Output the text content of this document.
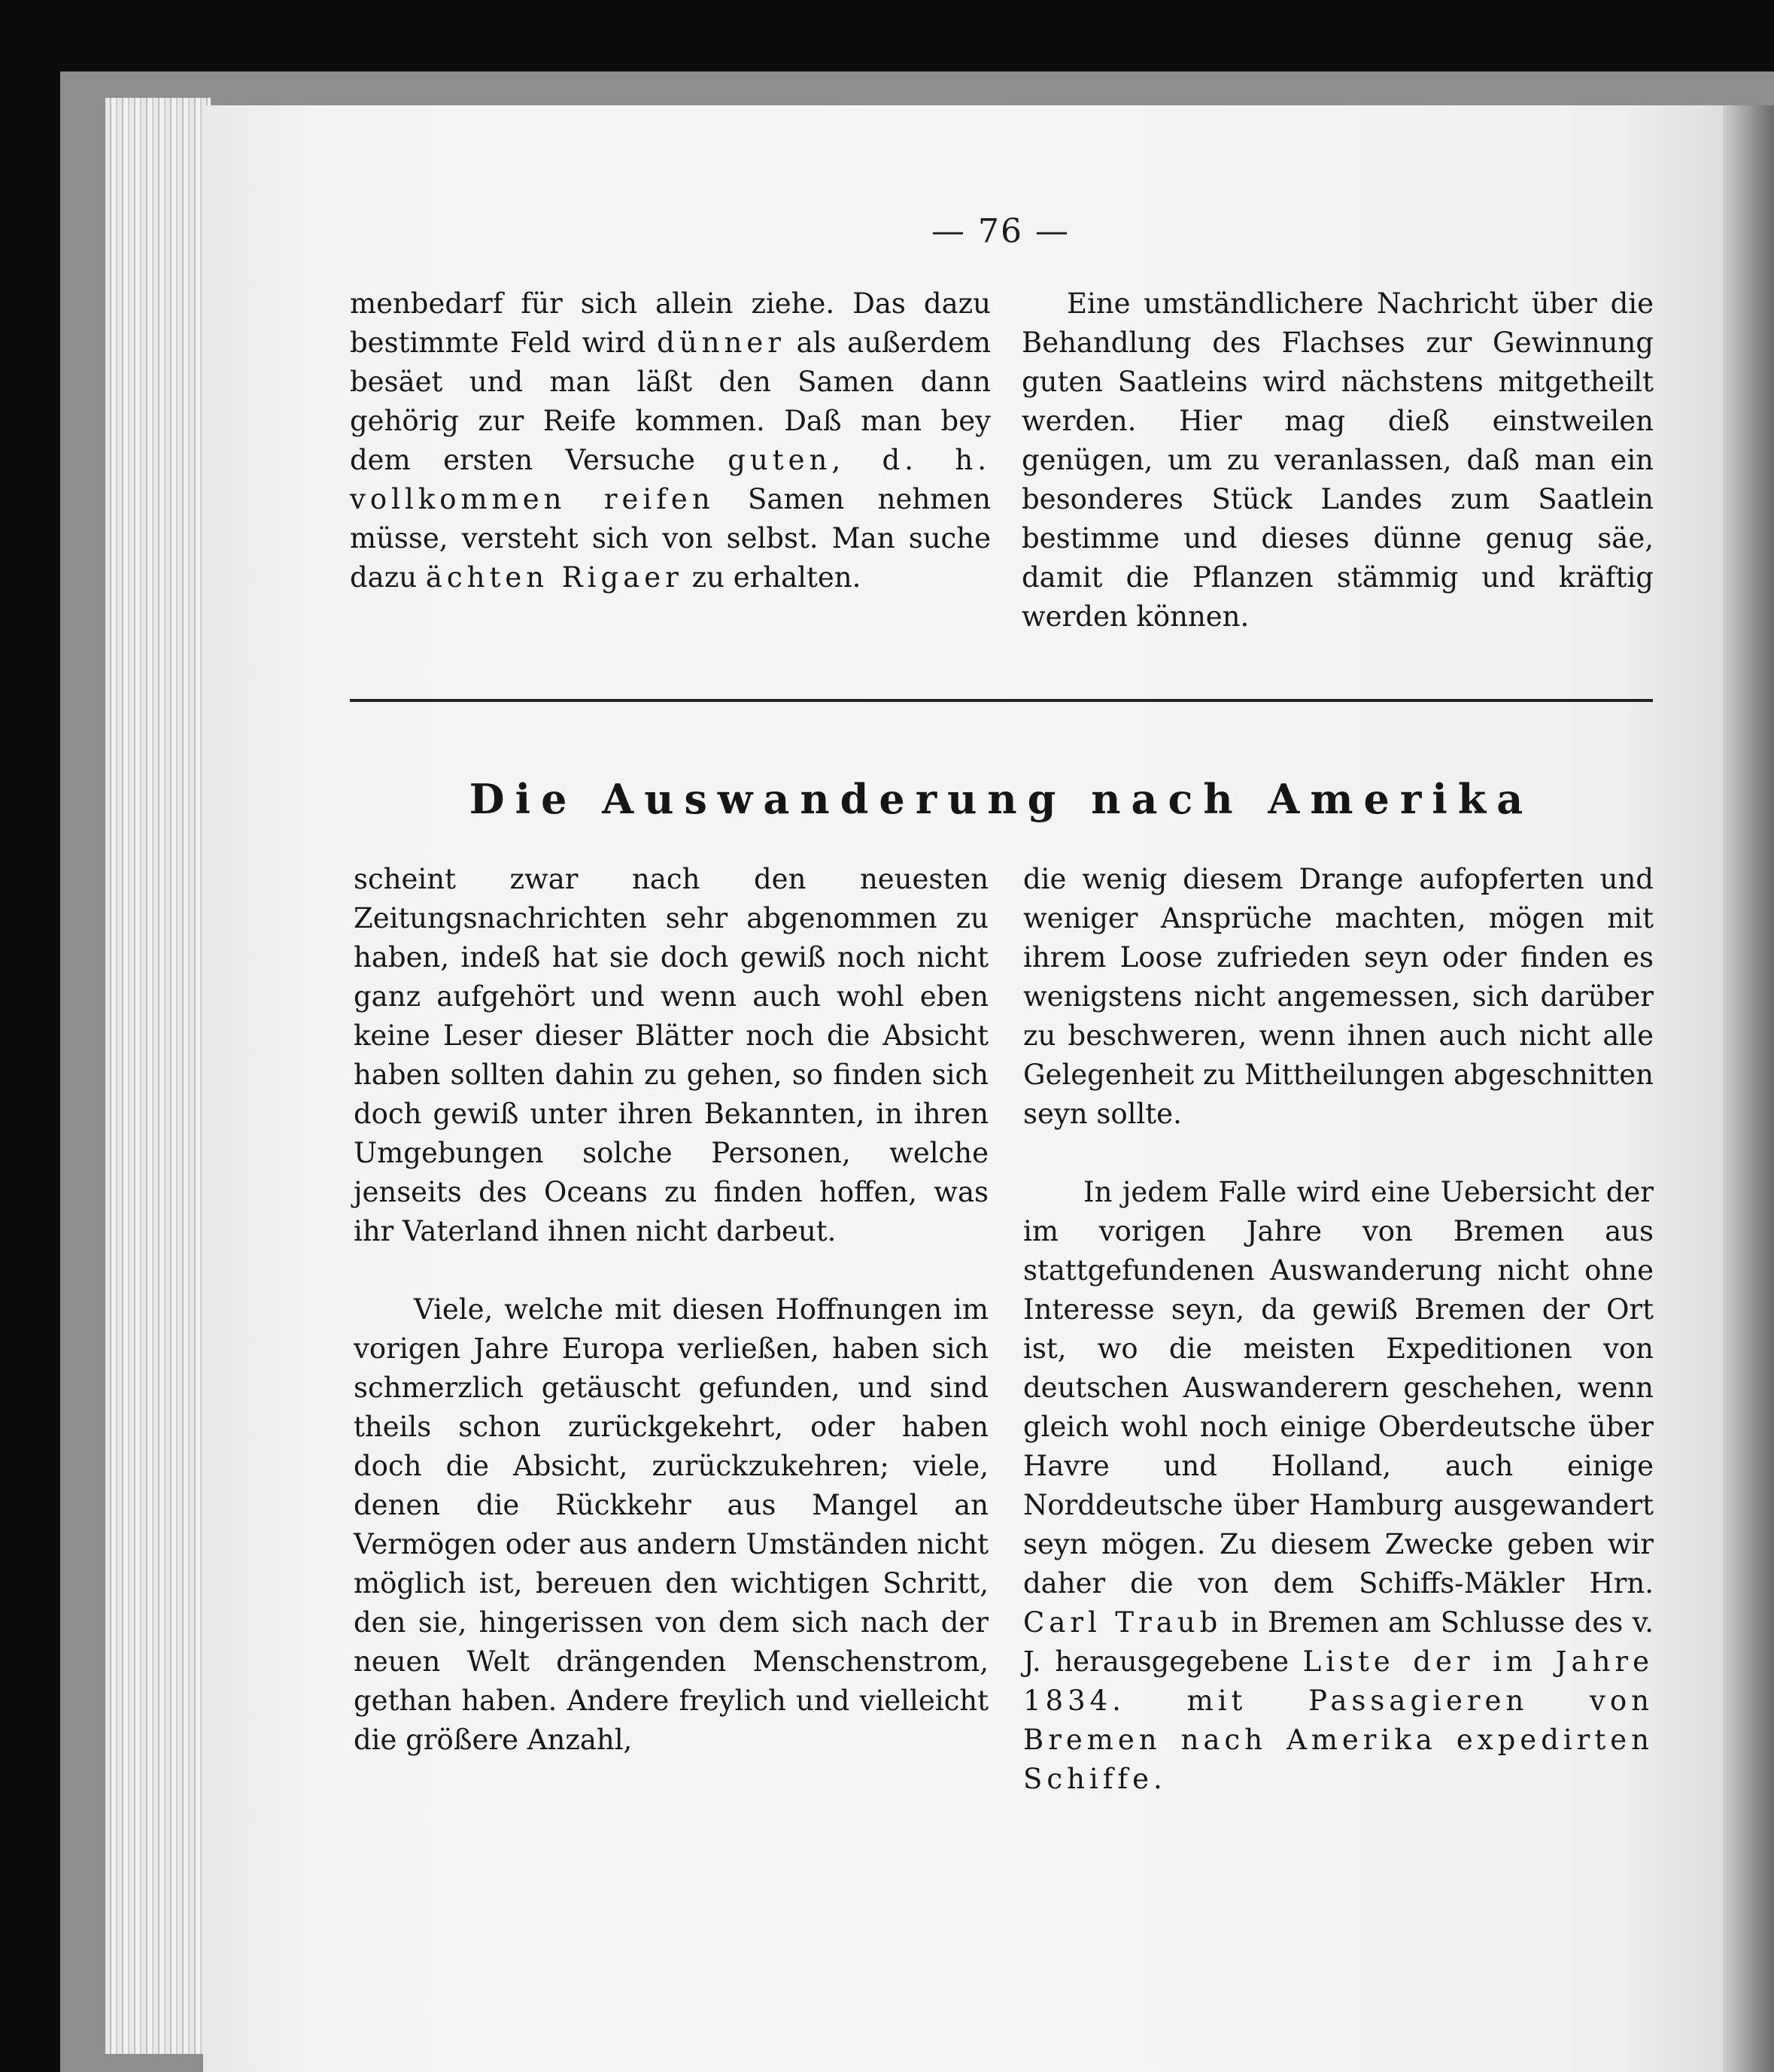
— 76 —

menbedarf für sich allein ziehe. Das dazu bestimmte Feld wird dünner als außerdem besäet und man läßt den Samen dann gehörig zur Reife kommen. Daß man bey dem ersten Versuche guten, d. h. vollkommen reifen Samen nehmen müsse, versteht sich von selbst. Man suche dazu ächten Rigaer zu erhalten.

Eine umständlichere Nachricht über die Behandlung des Flachses zur Gewinnung guten Saatleins wird nächstens mitgetheilt werden. Hier mag dieß einstweilen genügen, um zu veranlassen, daß man ein besonderes Stück Landes zum Saatlein bestimme und dieses dünne genug säe, damit die Pflanzen stämmig und kräftig werden können.

Die Auswanderung nach Amerika

scheint zwar nach den neuesten Zeitungsnachrichten sehr abgenommen zu haben, indeß hat sie doch gewiß noch nicht ganz aufgehört und wenn auch wohl eben keine Leser dieser Blätter noch die Absicht haben sollten dahin zu gehen, so finden sich doch gewiß unter ihren Bekannten, in ihren Umgebungen solche Personen, welche jenseits des Oceans zu finden hoffen, was ihr Vaterland ihnen nicht darbeut.

Viele, welche mit diesen Hoffnungen im vorigen Jahre Europa verließen, haben sich schmerzlich getäuscht gefunden, und sind theils schon zurückgekehrt, oder haben doch die Absicht, zurückzukehren; viele, denen die Rückkehr aus Mangel an Vermögen oder aus andern Umständen nicht möglich ist, bereuen den wichtigen Schritt, den sie, hingerissen von dem sich nach der neuen Welt drängenden Menschenstrom, gethan haben. Andere freylich und vielleicht die größere Anzahl,

die wenig diesem Drange aufopferten und weniger Ansprüche machten, mögen mit ihrem Loose zufrieden seyn oder finden es wenigstens nicht angemessen, sich darüber zu beschweren, wenn ihnen auch nicht alle Gelegenheit zu Mittheilungen abgeschnitten seyn sollte.

In jedem Falle wird eine Uebersicht der im vorigen Jahre von Bremen aus stattgefundenen Auswanderung nicht ohne Interesse seyn, da gewiß Bremen der Ort ist, wo die meisten Expeditionen von deutschen Auswanderern geschehen, wenn gleich wohl noch einige Oberdeutsche über Havre und Holland, auch einige Norddeutsche über Hamburg ausgewandert seyn mögen. Zu diesem Zwecke geben wir daher die von dem Schiffs-Mäkler Hrn. Carl Traub in Bremen am Schlusse des v. J. herausgegebene Liste der im Jahre 1834. mit Passagieren von Bremen nach Amerika expedirten Schiffe.
